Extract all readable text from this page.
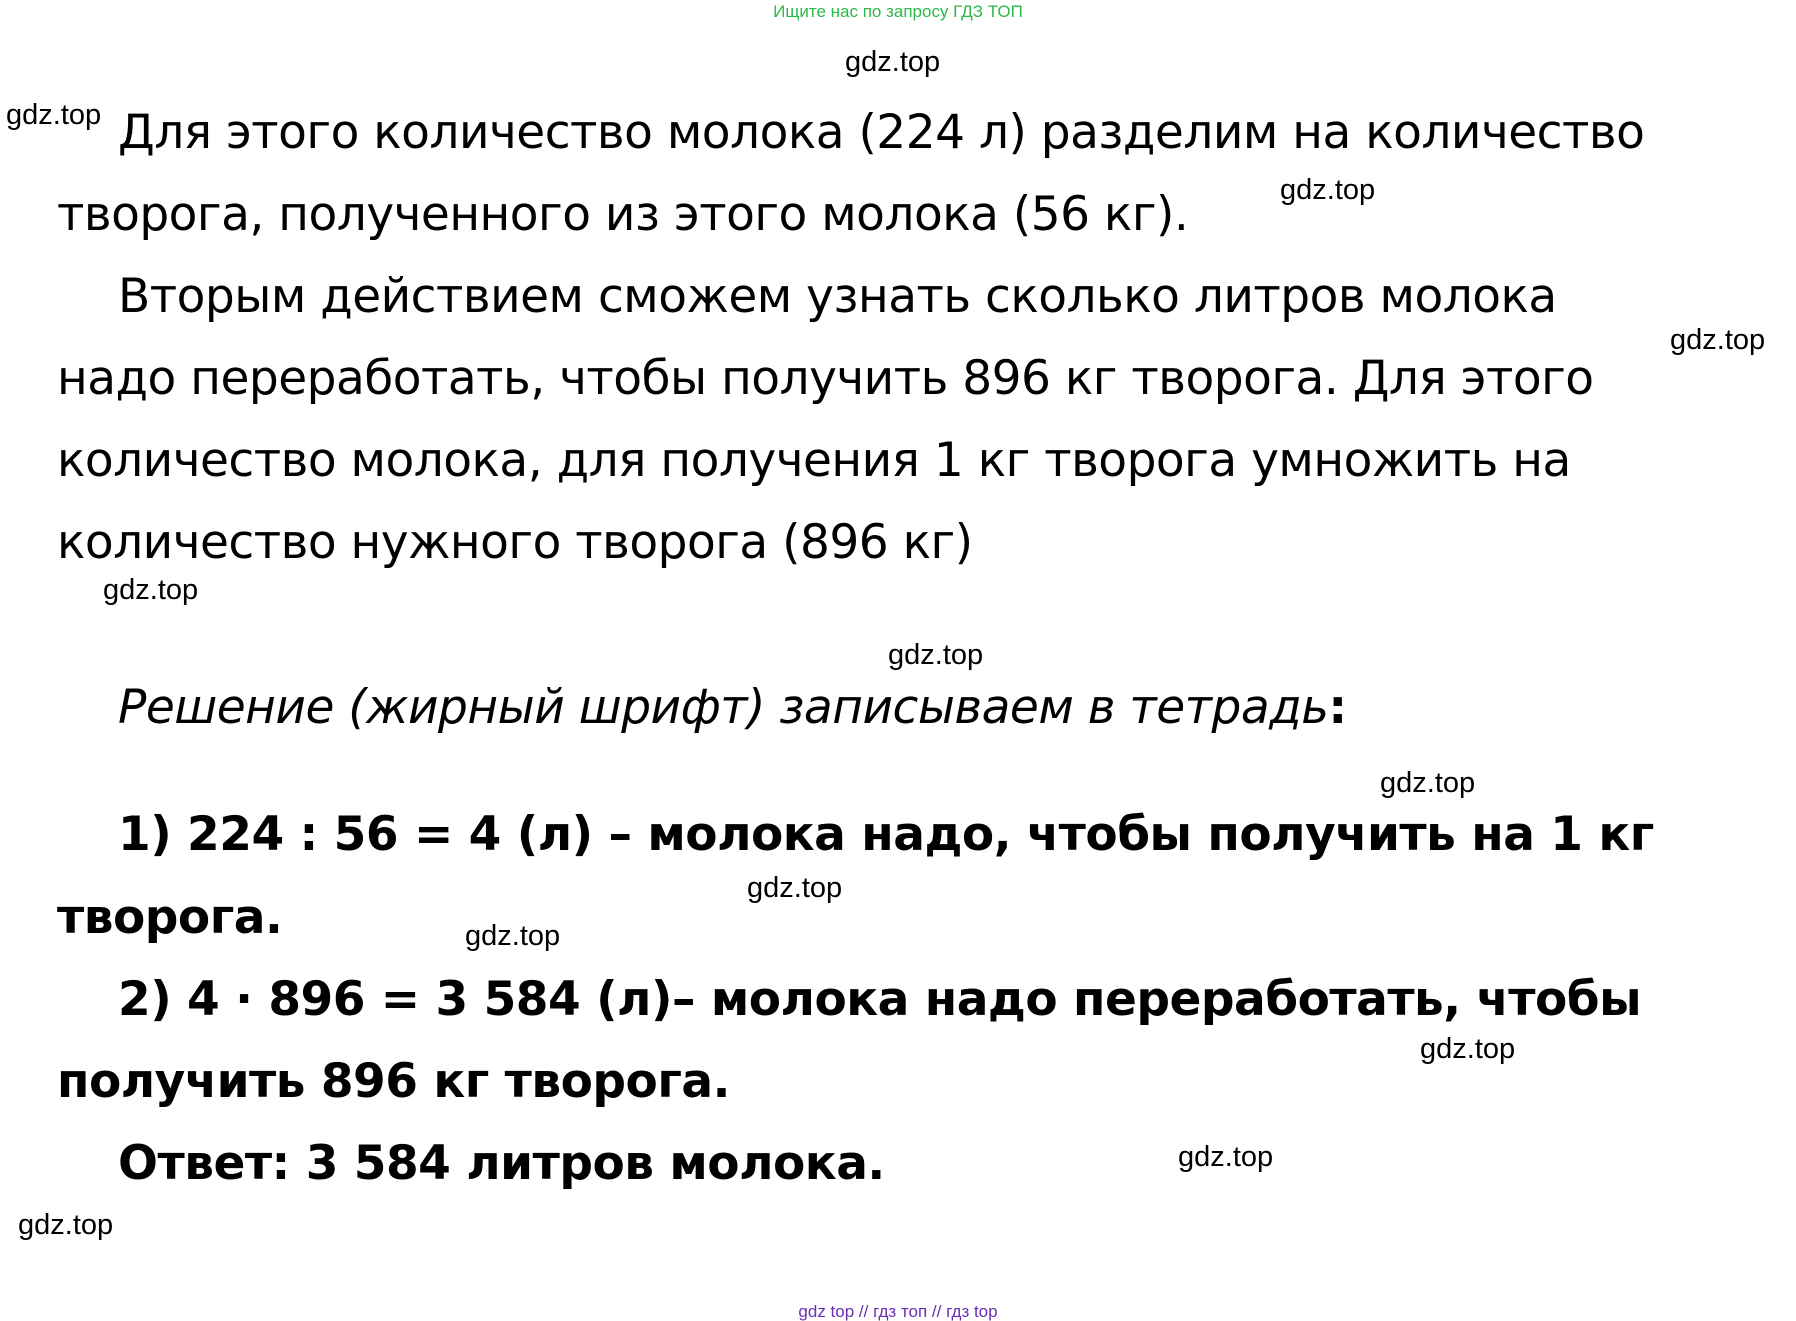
Ищите нас по запросу ГДЗ ТОП
gdz.top
gdz.top
gdz.top
gdz.top
gdz.top
gdz.top
gdz.top
gdz.top
gdz.top
gdz.top
gdz.top
gdz.top
Для этого количество молока (224 л) разделим на количество
творога, полученного из этого молока (56 кг).
Вторым действием сможем узнать сколько литров молока
надо переработать, чтобы получить 896 кг творога. Для этого
количество молока, для получения 1 кг творога умножить на
количество нужного творога (896 кг)
Решение (жирный шрифт) записываем в тетрадь:
1) 224 : 56 = 4 (л) – молока надо, чтобы получить на 1 кг
творога.
2) 4 · 896 = 3 584 (л)– молока надо переработать, чтобы
получить 896 кг творога.
Ответ: 3 584 литров молока.
gdz top // гдз топ // гдз top
